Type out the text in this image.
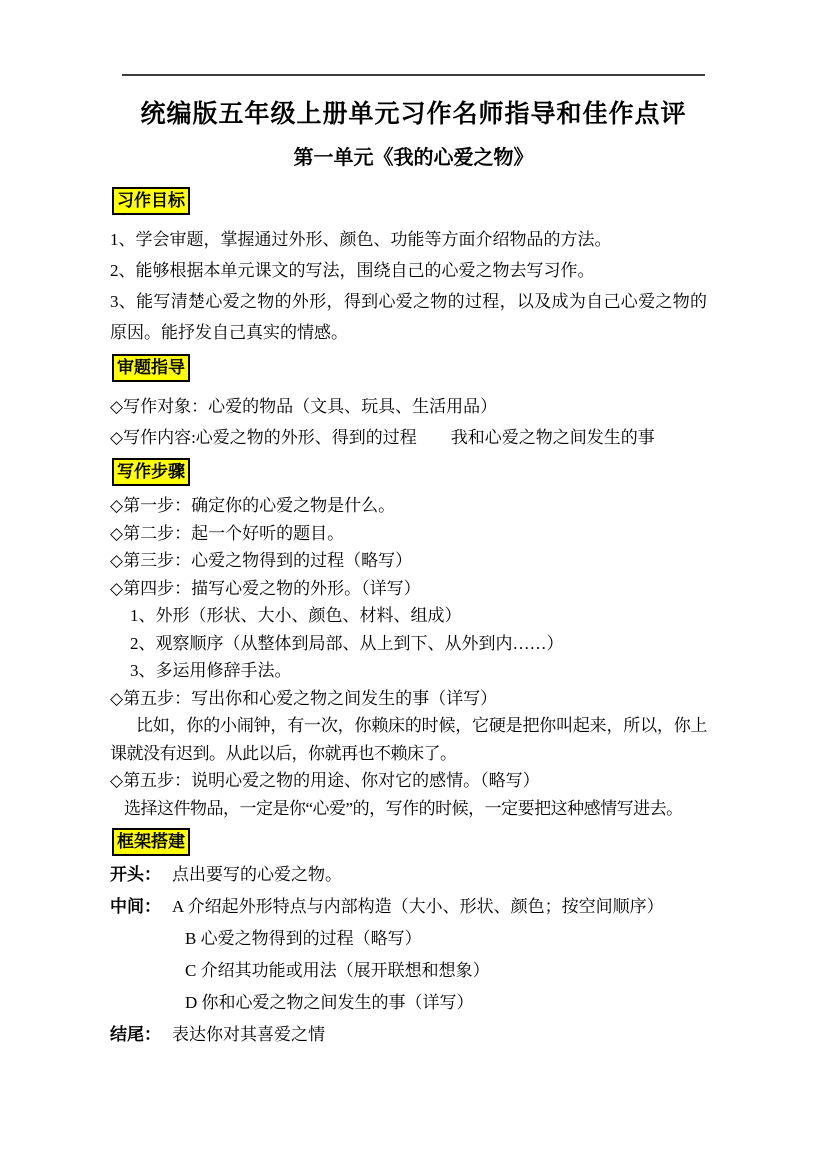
统编版五年级上册单元习作名师指导和佳作点评
第一单元《我的心爱之物》
习作目标

1、学会审题，掌握通过外形、颜色、功能等方面介绍物品的方法。

2、能够根据本单元课文的写法，围绕自己的心爱之物去写习作。

3、能写清楚心爱之物的外形，得到心爱之物的过程，以及成为自己心爱之物的原因。能抒发自己真实的情感。

审题指导

◇写作对象：心爱的物品（文具、玩具、生活用品）

◇写作内容:心爱之物的外形、得到的过程　　我和心爱之物之间发生的事

写作步骤

◇第一步：确定你的心爱之物是什么。

◇第二步：起一个好听的题目。

◇第三步：心爱之物得到的过程（略写）

◇第四步：描写心爱之物的外形。（详写）

1、外形（形状、大小、颜色、材料、组成）

2、观察顺序（从整体到局部、从上到下、从外到内……）

3、多运用修辞手法。

◇第五步：写出你和心爱之物之间发生的事（详写）

比如，你的小闹钟，有一次，你赖床的时候，它硬是把你叫起来，所以，你上课就没有迟到。从此以后，你就再也不赖床了。

◇第五步：说明心爱之物的用途、你对它的感情。（略写）

选择这件物品，一定是你“心爱”的，写作的时候，一定要把这种感情写进去。

框架搭建
开头： 点出要写的心爱之物。

中间： A 介绍起外形特点与内部构造（大小、形状、颜色；按空间顺序）

B 心爱之物得到的过程（略写）

C 介绍其功能或用法（展开联想和想象）

D 你和心爱之物之间发生的事（详写）

结尾： 表达你对其喜爱之情
